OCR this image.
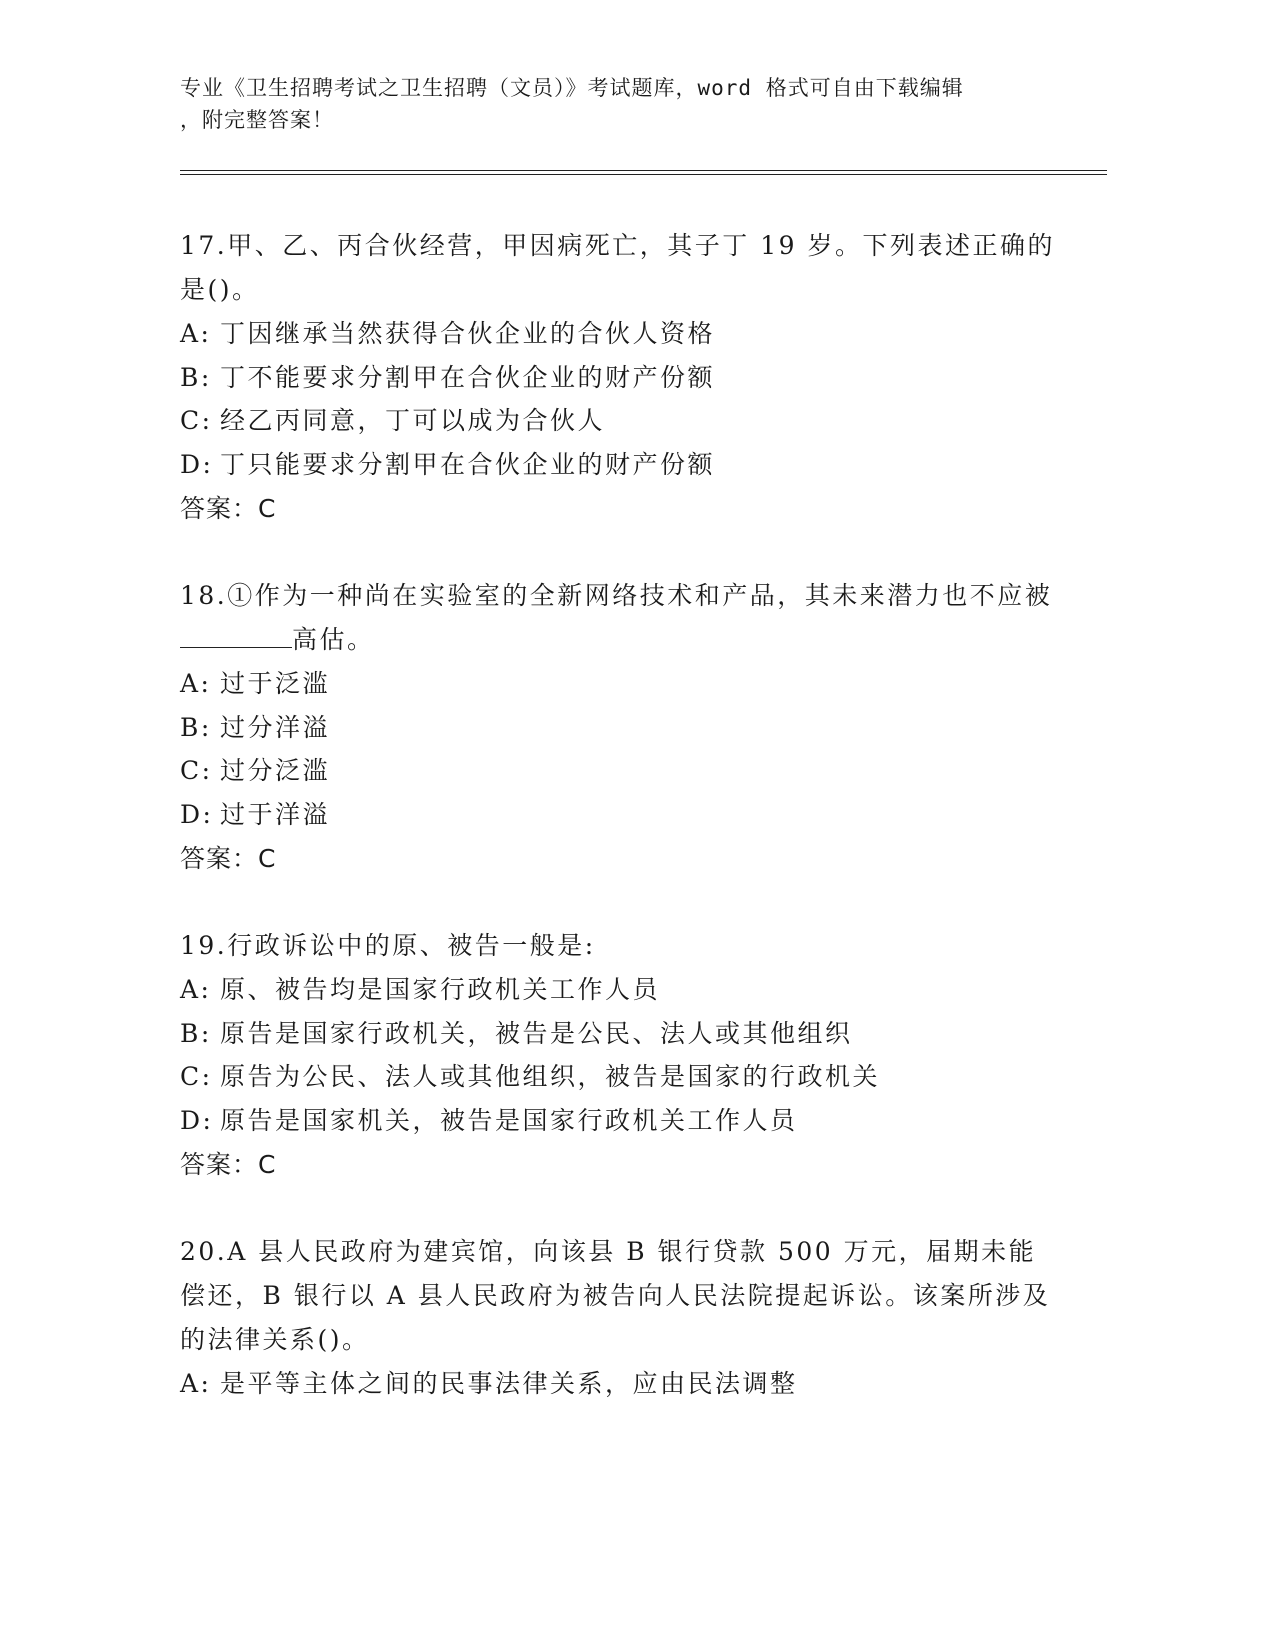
专业《卫生招聘考试之卫生招聘（文员）》考试题库，word 格式可自由下载编辑
，附完整答案！
17.甲、乙、丙合伙经营，甲因病死亡，其子丁 19 岁。下列表述正确的是()。
A: 丁因继承当然获得合伙企业的合伙人资格
B: 丁不能要求分割甲在合伙企业的财产份额
C: 经乙丙同意，丁可以成为合伙人
D: 丁只能要求分割甲在合伙企业的财产份额
答案：C
18.①作为一种尚在实验室的全新网络技术和产品，其未来潜力也不应被高估。
A: 过于泛滥
B: 过分洋溢
C: 过分泛滥
D: 过于洋溢
答案：C
19.行政诉讼中的原、被告一般是:
A: 原、被告均是国家行政机关工作人员
B: 原告是国家行政机关，被告是公民、法人或其他组织
C: 原告为公民、法人或其他组织，被告是国家的行政机关
D: 原告是国家机关，被告是国家行政机关工作人员
答案：C
20.A 县人民政府为建宾馆，向该县 B 银行贷款 500 万元，届期未能偿还，B 银行以 A 县人民政府为被告向人民法院提起诉讼。该案所涉及的法律关系()。
A: 是平等主体之间的民事法律关系，应由民法调整
